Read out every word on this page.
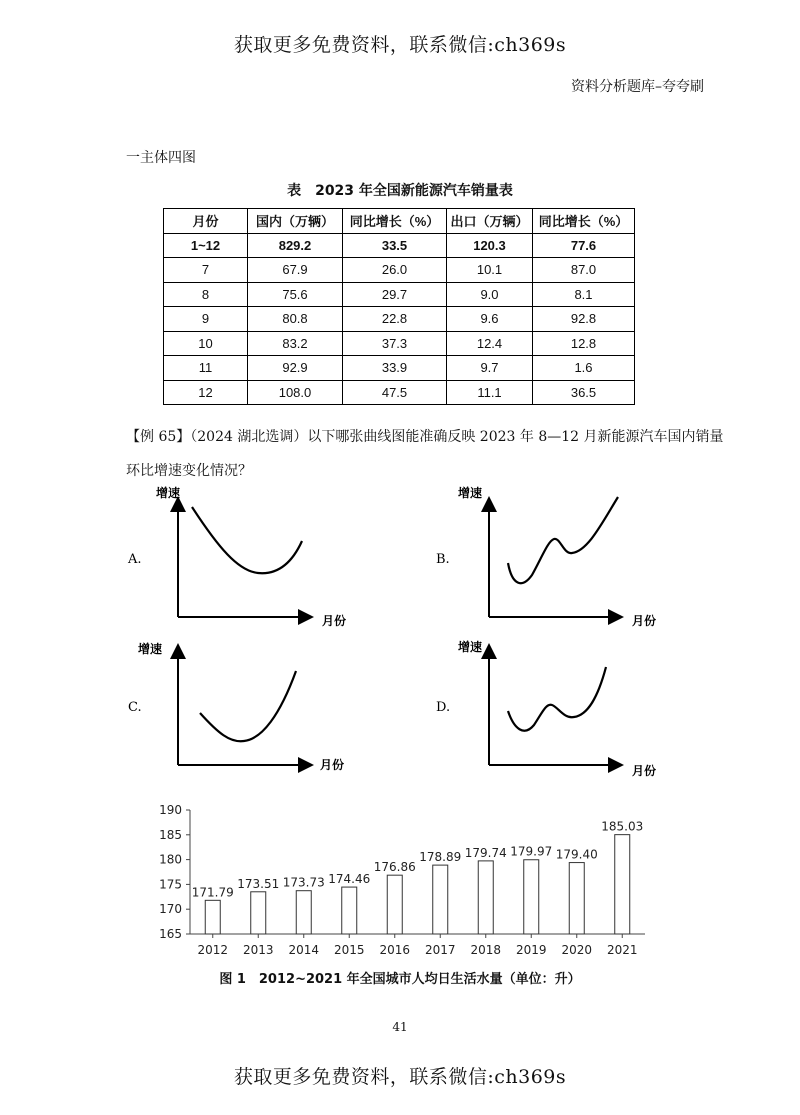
获取更多免费资料，联系微信:ch369s
资料分析题库–夸夸刷
一主体四图
表　2023 年全国新能源汽车销量表
月份	国内（万辆）	同比增长（%）	出口（万辆）	同比增长（%）
1~12	829.2	33.5	120.3	77.6
7	67.9	26.0	10.1	87.0
8	75.6	29.7	9.0	8.1
9	80.8	22.8	9.6	92.8
10	83.2	37.3	12.4	12.8
11	92.9	33.9	9.7	1.6
12	108.0	47.5	11.1	36.5
【例 65】（2024 湖北选调）以下哪张曲线图能准确反映 2023 年 8—12 月新能源汽车国内销量环比增速变化情况？
A.
增速
月份
B.
增速
月份
C.
增速
月份
D.
增速
月份
165
170
175
180
185
190
171.79
2012
173.51
2013
173.73
2014
174.46
2015
176.86
2016
178.89
2017
179.74
2018
179.97
2019
179.40
2020
185.03
2021
图 1　2012~2021 年全国城市人均日生活水量（单位：升）
41
获取更多免费资料，联系微信:ch369s
